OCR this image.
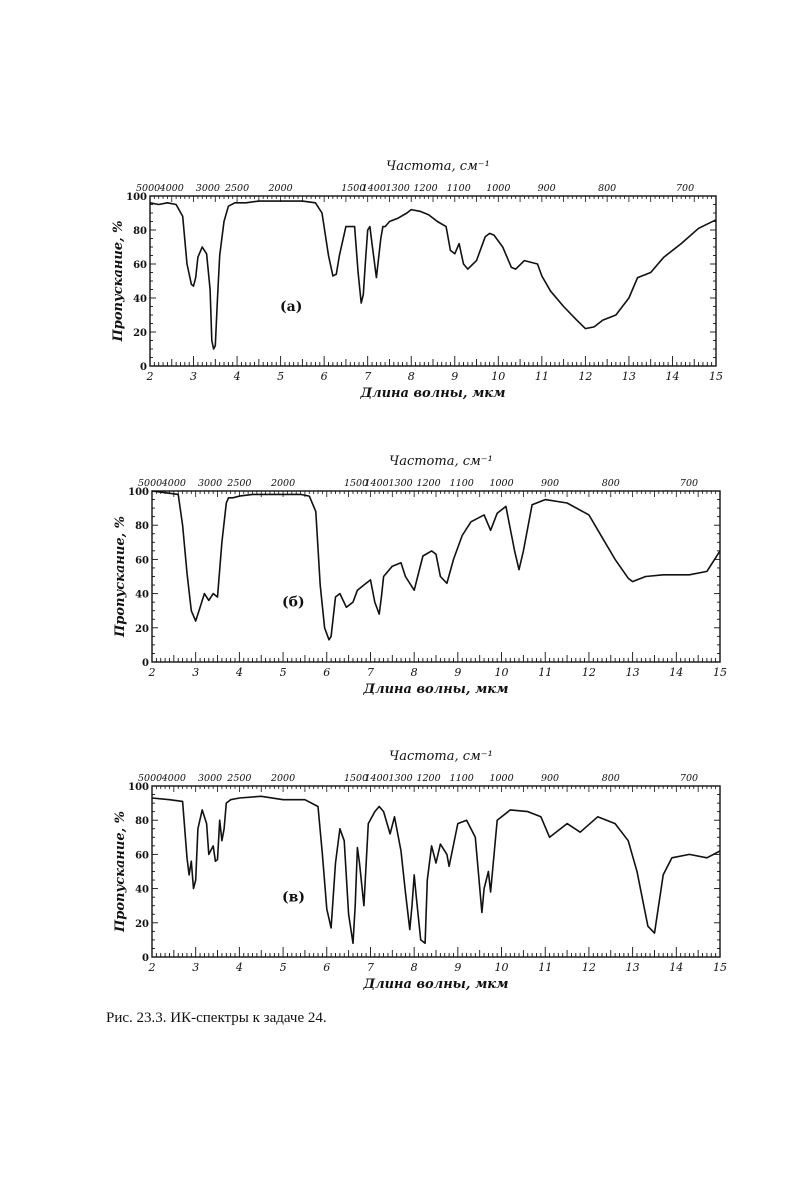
2	3	4	5	6	7	8	9	10	11	12	13	14	15
0
20
40
60
80
100
5000 4000 3000 2500 2000	1500
1400 1300 1200 1100 1000	900	800	700
Частота, см⁻¹
Длина волны, мкм
Пропускание, %	(а)
2	3	4	5	6	7	8	9	10	11	12	13	14	15
0
20
40
60
80
100
5000 4000 3000 2500 2000	1500
1400 1300 1200 1100 1000	900	800	700
Частота, см⁻¹
Длина волны, мкм
Пропускание, %	(б)
2	3	4	5	6	7	8	9	10	11	12	13	14	15
0
20
40
60
80
100
5000 4000 3000 2500 2000	1500
1400 1300 1200 1100 1000	900	800	700
Частота, см⁻¹
Длина волны, мкм
Пропускание, %	(в)
Рис. 23.3. ИК-спектры к задаче 24.
